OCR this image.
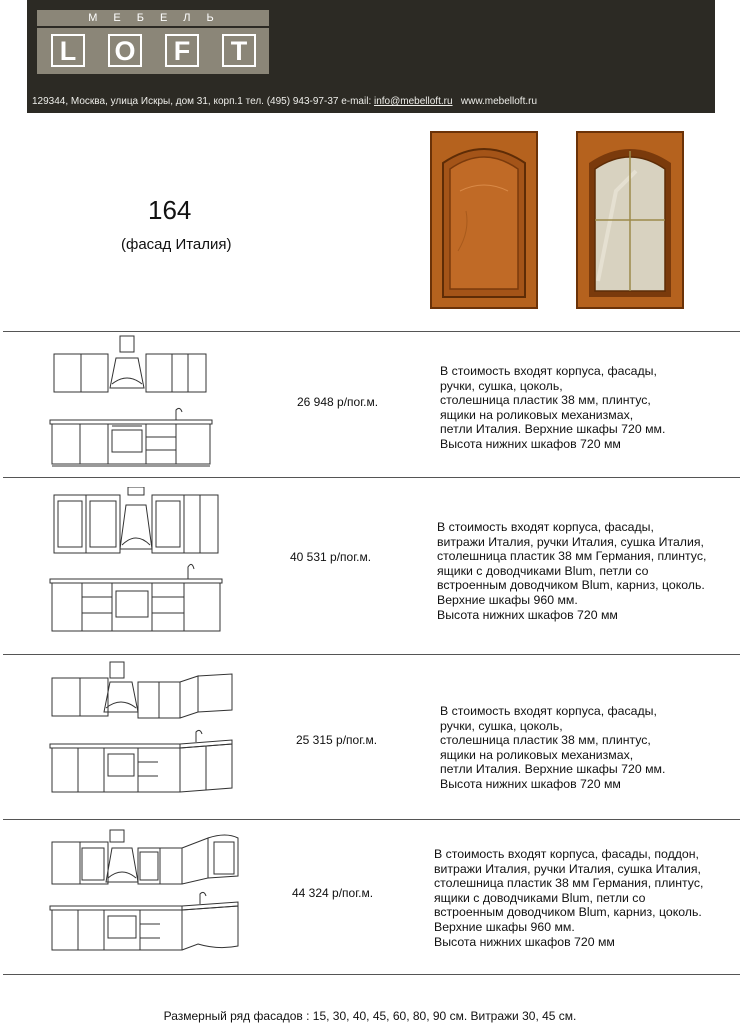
МЕБЕЛЬ
L	O	F	T
129344, Москва, улица Искры, дом 31, корп.1 тел. (495) 943-97-37 e-mail: info@mebelloft.ru www.mebelloft.ru
164
(фасад Италия)
26 948 р/пог.м.
В стоимость входят корпуса, фасады,
ручки, сушка, цоколь,
столешница пластик 38 мм, плинтус,
ящики на роликовых механизмах,
петли Италия. Верхние шкафы 720 мм.
Высота нижних шкафов 720 мм
40 531 р/пог.м.
В стоимость входят корпуса, фасады,
витражи Италия, ручки Италия, сушка Италия,
столешница пластик 38 мм Германия, плинтус,
ящики с доводчиками Blum, петли со
встроенным доводчиком Blum, карниз, цоколь.
Верхние шкафы 960 мм.
Высота нижних шкафов 720 мм
25 315 р/пог.м.
В стоимость входят корпуса, фасады,
ручки, сушка, цоколь,
столешница пластик 38 мм, плинтус,
ящики на роликовых механизмах,
петли Италия. Верхние шкафы 720 мм.
Высота нижних шкафов 720 мм
44 324 р/пог.м.
В стоимость входят корпуса, фасады, поддон,
витражи Италия, ручки Италия, сушка Италия,
столешница пластик 38 мм Германия, плинтус,
ящики с доводчиками Blum, петли со
встроенным доводчиком Blum, карниз, цоколь.
Верхние шкафы 960 мм.
Высота нижних шкафов 720 мм
Размерный ряд фасадов : 15, 30, 40, 45, 60, 80, 90 см. Витражи 30, 45 см.
